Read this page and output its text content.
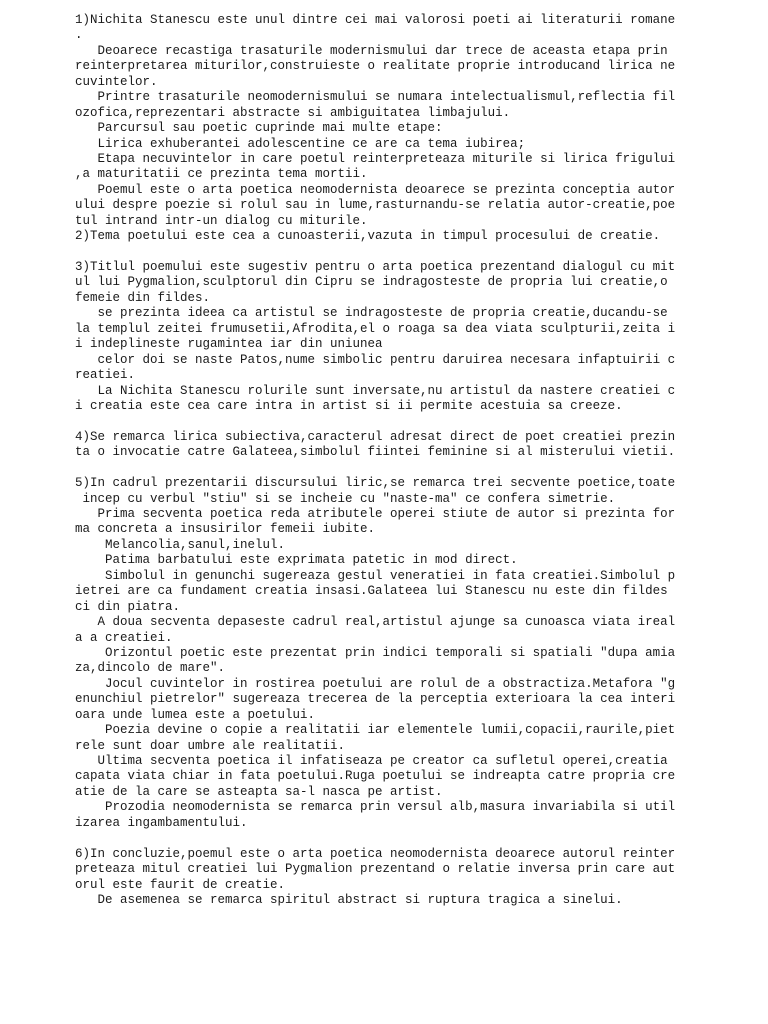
1)Nichita Stanescu este unul dintre cei mai valorosi poeti ai literaturii romane
.
Deoarece recastiga trasaturile modernismului dar trece de aceasta etapa prin
reinterpretarea miturilor,construieste o realitate proprie introducand lirica ne
cuvintelor.
Printre trasaturile neomodernismului se numara intelectualismul,reflectia fil
ozofica,reprezentari abstracte si ambiguitatea limbajului.
Parcursul sau poetic cuprinde mai multe etape:
Lirica exhuberantei adolescentine ce are ca tema iubirea;
Etapa necuvintelor in care poetul reinterpreteaza miturile si lirica frigului
,a maturitatii ce prezinta tema mortii.
Poemul este o arta poetica neomodernista deoarece se prezinta conceptia autor
ului despre poezie si rolul sau in lume,rasturnandu-se relatia autor-creatie,poe
tul intrand intr-un dialog cu miturile.
2)Tema poetului este cea a cunoasterii,vazuta in timpul procesului de creatie.
3)Titlul poemului este sugestiv pentru o arta poetica prezentand dialogul cu mit
ul lui Pygmalion,sculptorul din Cipru se indragosteste de propria lui creatie,o
femeie din fildes.
se prezinta ideea ca artistul se indragosteste de propria creatie,ducandu-se
la templul zeitei frumusetii,Afrodita,el o roaga sa dea viata sculpturii,zeita i
i indeplineste rugamintea iar din uniunea
celor doi se naste Patos,nume simbolic pentru daruirea necesara infaptuirii c
reatiei.
La Nichita Stanescu rolurile sunt inversate,nu artistul da nastere creatiei c
i creatia este cea care intra in artist si ii permite acestuia sa creeze.
4)Se remarca lirica subiectiva,caracterul adresat direct de poet creatiei prezin
ta o invocatie catre Galateea,simbolul fiintei feminine si al misterului vietii.
5)In cadrul prezentarii discursului liric,se remarca trei secvente poetice,toate
incep cu verbul "stiu" si se incheie cu "naste-ma" ce confera simetrie.
Prima secventa poetica reda atributele operei stiute de autor si prezinta for
ma concreta a insusirilor femeii iubite.
Melancolia,sanul,inelul.
Patima barbatului este exprimata patetic in mod direct.
Simbolul in genunchi sugereaza gestul veneratiei in fata creatiei.Simbolul p
ietrei are ca fundament creatia insasi.Galateea lui Stanescu nu este din fildes
ci din piatra.
A doua secventa depaseste cadrul real,artistul ajunge sa cunoasca viata ireal
a a creatiei.
Orizontul poetic este prezentat prin indici temporali si spatiali "dupa amia
za,dincolo de mare".
Jocul cuvintelor in rostirea poetului are rolul de a obstractiza.Metafora "g
enunchiul pietrelor" sugereaza trecerea de la perceptia exterioara la cea interi
oara unde lumea este a poetului.
Poezia devine o copie a realitatii iar elementele lumii,copacii,raurile,piet
rele sunt doar umbre ale realitatii.
Ultima secventa poetica il infatiseaza pe creator ca sufletul operei,creatia
capata viata chiar in fata poetului.Ruga poetului se indreapta catre propria cre
atie de la care se asteapta sa-l nasca pe artist.
Prozodia neomodernista se remarca prin versul alb,masura invariabila si util
izarea ingambamentului.
6)In concluzie,poemul este o arta poetica neomodernista deoarece autorul reinter
preteaza mitul creatiei lui Pygmalion prezentand o relatie inversa prin care aut
orul este faurit de creatie.
De asemenea se remarca spiritul abstract si ruptura tragica a sinelui.
